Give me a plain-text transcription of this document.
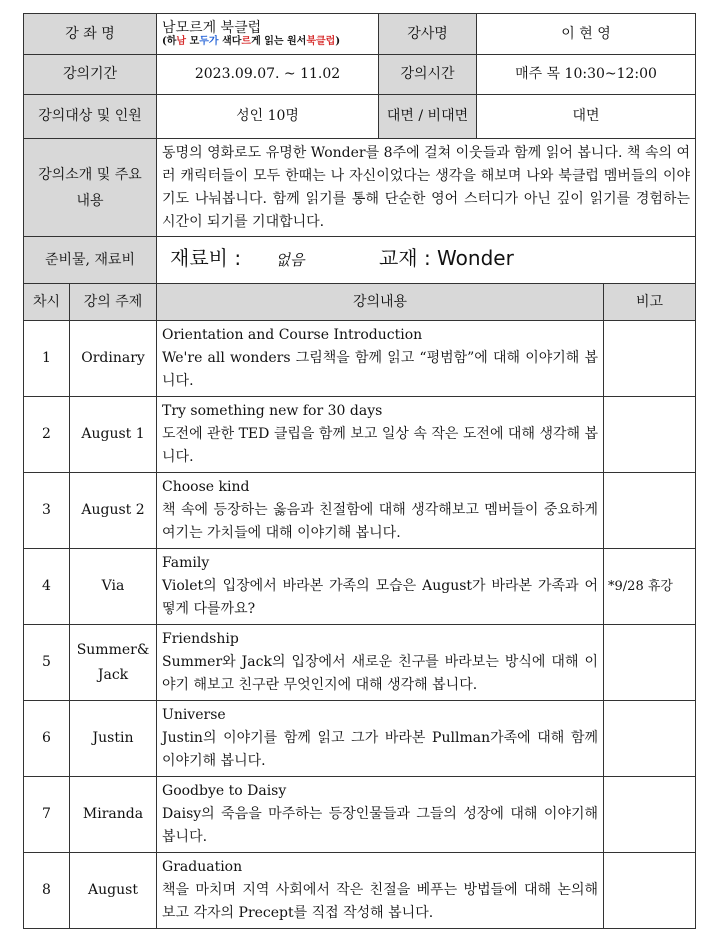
강 좌 명		남모르게 북클럽
(하남 모두가 색다르게 읽는 원서북클럽)	강사명	이 현 영	
강의기간		2023.09.07. ~ 11.02	강의시간	매주 목 10:30~12:00	
강의대상 및 인원		성인 10명	대면 / 비대면	대면	
강의소개 및 주요내용		동명의 영화로도 유명한 Wonder를 8주에 걸쳐 이웃들과 함께 읽어 봅니다. 책 속의 여러 캐릭터들이 모두 한때는 나 자신이었다는 생각을 해보며 나와 북클럽 멤버들의 이야기도 나눠봅니다. 함께 읽기를 통해 단순한 영어 스터디가 아닌 깊이 읽기를 경험하는 시간이 되기를 기대합니다.			
준비물, 재료비		재료비 : 없음 교재 : Wonder			
차시	강의 주제	강의내용			비고
1	Ordinary	Orientation and Course Introduction
We're all wonders 그림책을 함께 읽고 “평범함”에 대해 이야기해 봅니다.			

2	August 1	Try something new for 30 days
도전에 관한 TED 클립을 함께 보고 일상 속 작은 도전에 대해 생각해 봅니다.			

3	August 2	Choose kind
책 속에 등장하는 옳음과 친절함에 대해 생각해보고 멤버들이 중요하게 여기는 가치들에 대해 이야기해 봅니다.			

4	Via	Family
Violet의 입장에서 바라본 가족의 모습은 August가 바라본 가족과 어떻게 다를까요?			*9/28 휴강
5	Summer& Jack	Friendship
Summer와 Jack의 입장에서 새로운 친구를 바라보는 방식에 대해 이야기 해보고 친구란 무엇인지에 대해 생각해 봅니다.			

6	Justin	Universe
Justin의 이야기를 함께 읽고 그가 바라본 Pullman가족에 대해 함께 이야기해 봅니다.			

7	Miranda	Goodbye to Daisy
Daisy의 죽음을 마주하는 등장인물들과 그들의 성장에 대해 이야기해 봅니다.			

8	August	Graduation
책을 마치며 지역 사회에서 작은 친절을 베푸는 방법들에 대해 논의해 보고 각자의 Precept를 직접 작성해 봅니다.			
